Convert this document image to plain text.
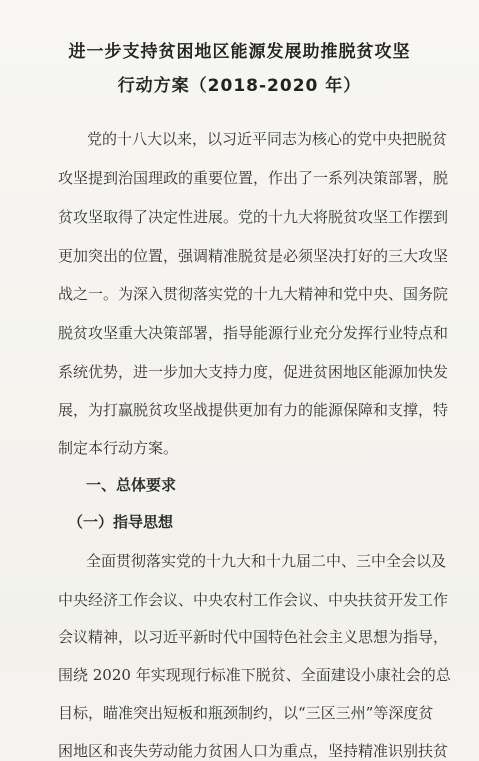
进一步支持贫困地区能源发展助推脱贫攻坚
行动方案（2018-2020 年）

党的十八大以来，以习近平同志为核心的党中央把脱贫

攻坚提到治国理政的重要位置，作出了一系列决策部署，脱

贫攻坚取得了决定性进展。党的十九大将脱贫攻坚工作摆到

更加突出的位置，强调精准脱贫是必须坚决打好的三大攻坚

战之一。为深入贯彻落实党的十九大精神和党中央、国务院

脱贫攻坚重大决策部署，指导能源行业充分发挥行业特点和

系统优势，进一步加大支持力度，促进贫困地区能源加快发

展，为打赢脱贫攻坚战提供更加有力的能源保障和支撑，特

制定本行动方案。

一、总体要求
（一）指导思想

全面贯彻落实党的十九大和十九届二中、三中全会以及

中央经济工作会议、中央农村工作会议、中央扶贫开发工作

会议精神，以习近平新时代中国特色社会主义思想为指导，

围绕 2020 年实现现行标准下脱贫、全面建设小康社会的总

目标，瞄准突出短板和瓶颈制约，以“三区三州”等深度贫

困地区和丧失劳动能力贫困人口为重点，坚持精准识别扶贫
